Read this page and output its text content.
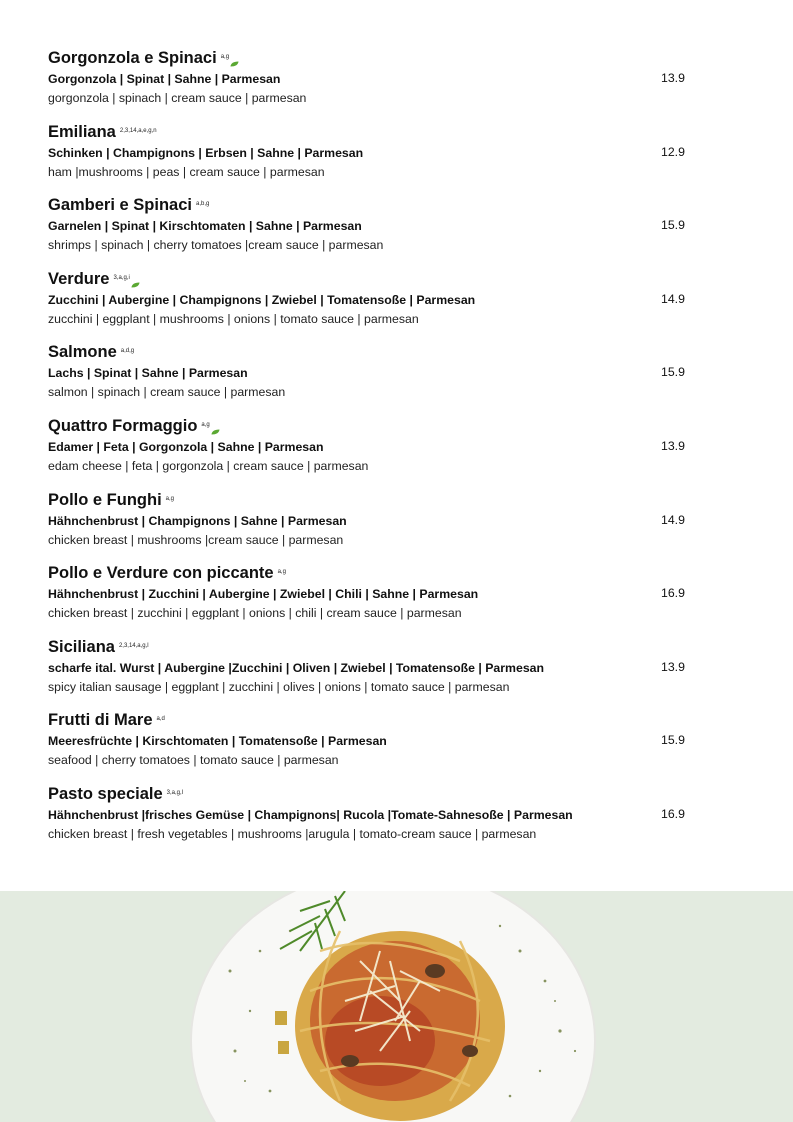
Gorgonzola e Spinaci a,g
Gorgonzola | Spinat | Sahne | Parmesan
gorgonzola | spinach | cream sauce | parmesan
13.9
Emiliana 2,3,14,a,e,g,n
Schinken | Champignons | Erbsen | Sahne | Parmesan
ham |mushrooms | peas | cream sauce | parmesan
12.9
Gamberi e Spinaci a,b,g
Garnelen | Spinat | Kirschtomaten | Sahne | Parmesan
shrimps | spinach | cherry tomatoes |cream sauce | parmesan
15.9
Verdure 3,a,g,i
Zucchini | Aubergine | Champignons | Zwiebel | Tomatensoße | Parmesan
zucchini | eggplant | mushrooms | onions | tomato sauce | parmesan
14.9
Salmone a,d,g
Lachs | Spinat | Sahne | Parmesan
salmon | spinach | cream sauce | parmesan
15.9
Quattro Formaggio a,g
Edamer | Feta | Gorgonzola | Sahne | Parmesan
edam cheese | feta | gorgonzola | cream sauce | parmesan
13.9
Pollo e Funghi a,g
Hähnchenbrust | Champignons | Sahne | Parmesan
chicken breast | mushrooms |cream sauce | parmesan
14.9
Pollo e Verdure con piccante a,g
Hähnchenbrust | Zucchini | Aubergine | Zwiebel | Chili | Sahne | Parmesan
chicken breast | zucchini | eggplant | onions | chili | cream sauce | parmesan
16.9
Siciliana 2,3,14,a,g,l
scharfe ital. Wurst | Aubergine |Zucchini | Oliven | Zwiebel | Tomatensoße | Parmesan
spicy italian sausage | eggplant | zucchini | olives | onions | tomato sauce | parmesan
13.9
Frutti di Mare a,d
Meeresfrüchte | Kirschtomaten | Tomatensoße | Parmesan
seafood | cherry tomatoes | tomato sauce | parmesan
15.9
Pasto speciale 3,a,g,l
Hähnchenbrust |frisches Gemüse | Champignons| Rucola |Tomate-Sahnesoße | Parmesan
chicken breast | fresh vegetables | mushrooms |arugula | tomato-cream sauce | parmesan
16.9
